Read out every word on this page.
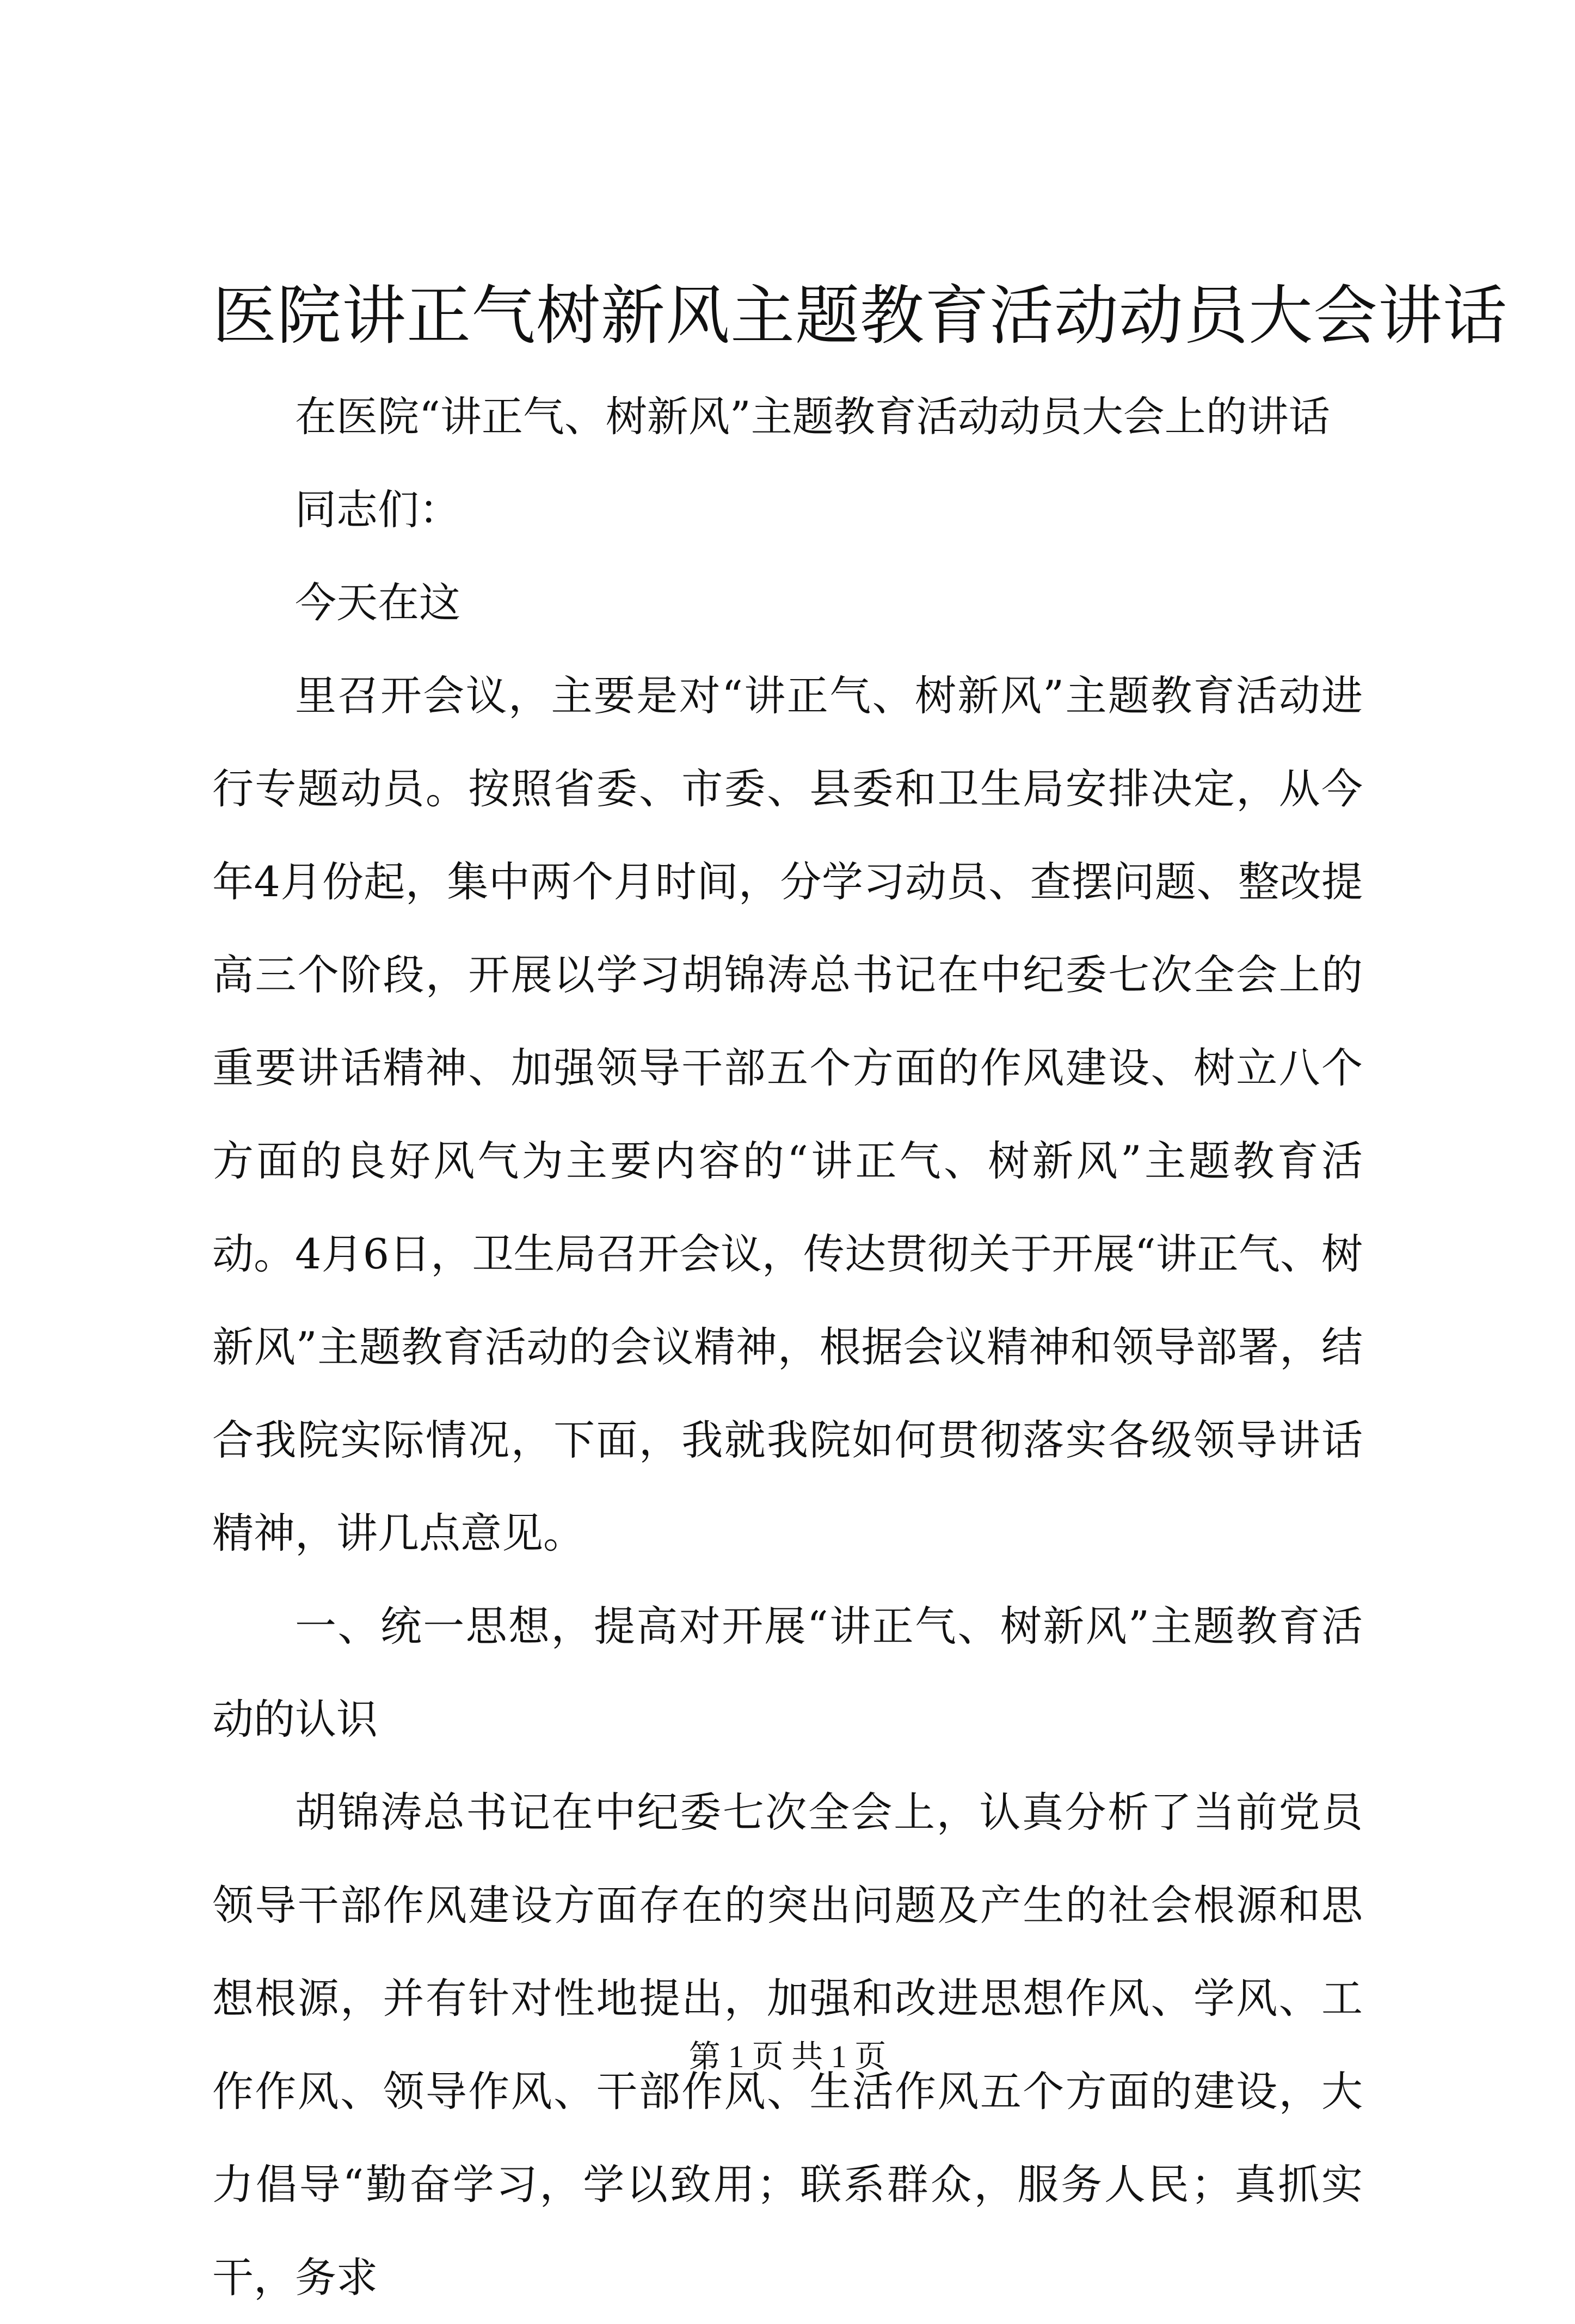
医院讲正气树新风主题教育活动动员大会讲话

在医院“讲正气、树新风”主题教育活动动员大会上的讲话

同志们：

今天在这

里召开会议，主要是对“讲正气、树新风”主题教育活动进行专题动员。按照省委、市委、县委和卫生局安排决定，从今年4月份起，集中两个月时间，分学习动员、查摆问题、整改提高三个阶段，开展以学习胡锦涛总书记在中纪委七次全会上的重要讲话精神、加强领导干部五个方面的作风建设、树立八个方面的良好风气为主要内容的“讲正气、树新风”主题教育活动。4月6日，卫生局召开会议，传达贯彻关于开展“讲正气、树新风”主题教育活动的会议精神，根据会议精神和领导部署，结合我院实际情况，下面，我就我院如何贯彻落实各级领导讲话精神，讲几点意见。

一、统一思想，提高对开展“讲正气、树新风”主题教育活动的认识

胡锦涛总书记在中纪委七次全会上，认真分析了当前党员领导干部作风建设方面存在的突出问题及产生的社会根源和思想根源，并有针对性地提出，加强和改进思想作风、学风、工作作风、领导作风、干部作风、生活作风五个方面的建设，大力倡导“勤奋学习，学以致用；联系群众，服务人民；真抓实干，务求

第 1 页 共 1 页
